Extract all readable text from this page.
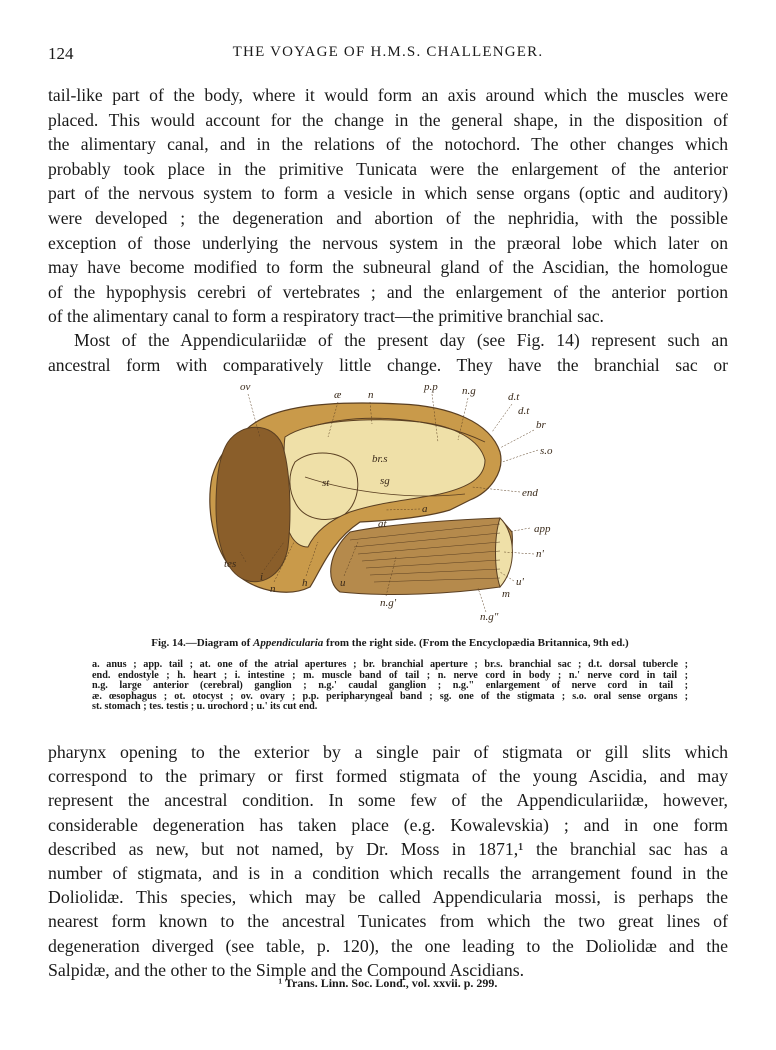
124	THE VOYAGE OF H.M.S. CHALLENGER.
tail-like part of the body, where it would form an axis around which the muscles were
placed. This would account for the change in the general shape, in the disposition of
the alimentary canal, and in the relations of the notochord. The other changes which
probably took place in the primitive Tunicata were the enlargement of the anterior
part of the nervous system to form a vesicle in which sense organs (optic and auditory)
were developed ; the degeneration and abortion of the nephridia, with the possible
exception of those underlying the nervous system in the præoral lobe which later on
may have become modified to form the subneural gland of the Ascidian, the homologue
of the hypophysis cerebri of vertebrates ; and the enlargement of the anterior portion
of the alimentary canal to form a respiratory tract—the primitive branchial sac.
Most of the Appendiculariidæ of the present day (see Fig. 14) represent such an
ancestral form with comparatively little change. They have the branchial sac or
ov
æ n
p.p n.g	d.t
d.t
br
s.o
br.s
st	sg
end
a
at	app
n'
u'
m
n.g"
n.g'
u
h
n
i
tes
Fig. 14.—Diagram of Appendicularia from the right side. (From the Encyclopædia Britannica, 9th ed.)
a. anus ; app. tail ; at. one of the atrial apertures ; br. branchial aperture ; br.s. branchial sac ; d.t. dorsal tubercle ;
end. endostyle ; h. heart ; i. intestine ; m. muscle band of tail ; n. nerve cord in body ; n.' nerve cord in tail ;
n.g. large anterior (cerebral) ganglion ; n.g.' caudal ganglion ; n.g." enlargement of nerve cord in tail ;
æ. œsophagus ; ot. otocyst ; ov. ovary ; p.p. peripharyngeal band ; sg. one of the stigmata ; s.o. oral sense organs ;
st. stomach ; tes. testis ; u. urochord ; u.' its cut end.
pharynx opening to the exterior by a single pair of stigmata or gill slits which
correspond to the primary or first formed stigmata of the young Ascidia, and may
represent the ancestral condition. In some few of the Appendiculariidæ, however,
considerable degeneration has taken place (e.g. Kowalevskia) ; and in one form
described as new, but not named, by Dr. Moss in 1871,¹ the branchial sac has a
number of stigmata, and is in a condition which recalls the arrangement found in the
Doliolidæ. This species, which may be called Appendicularia mossi, is perhaps the
nearest form known to the ancestral Tunicates from which the two great lines of
degeneration diverged (see table, p. 120), the one leading to the Doliolidæ and the
Salpidæ, and the other to the Simple and the Compound Ascidians.
¹ Trans. Linn. Soc. Lond., vol. xxvii. p. 299.
